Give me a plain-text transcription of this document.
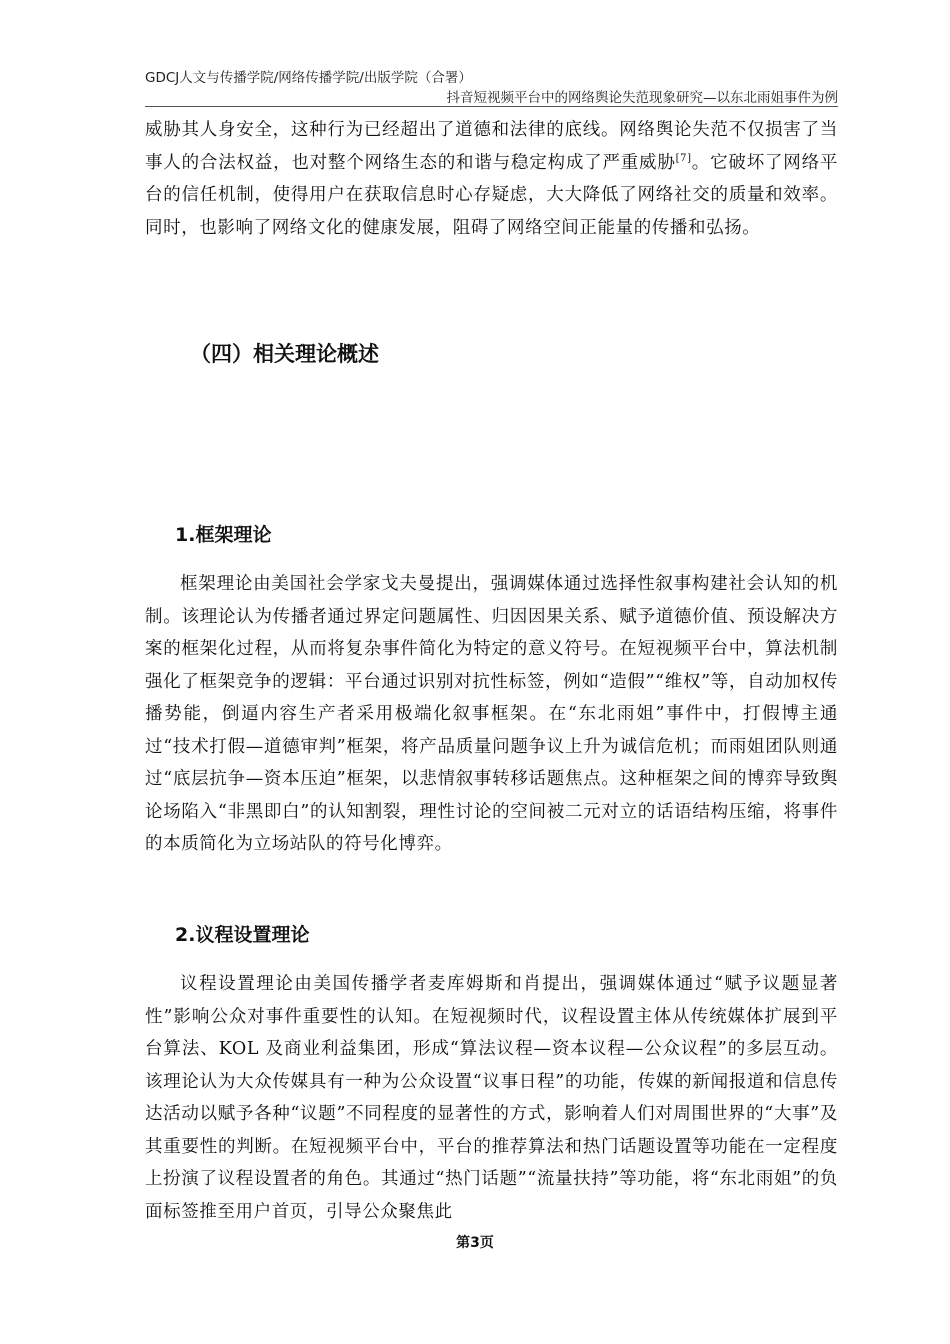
GDCJ人文与传播学院/网络传播学院/出版学院（合署）
抖音短视频平台中的网络舆论失范现象研究—以东北雨姐事件为例

威胁其人身安全，这种行为已经超出了道德和法律的底线。网络舆论失范不仅损害了当事人的合法权益，也对整个网络生态的和谐与稳定构成了严重威胁[7]。它破坏了网络平台的信任机制，使得用户在获取信息时心存疑虑，大大降低了网络社交的质量和效率。同时，也影响了网络文化的健康发展，阻碍了网络空间正能量的传播和弘扬。

（四）相关理论概述
1.框架理论

框架理论由美国社会学家戈夫曼提出，强调媒体通过选择性叙事构建社会认知的机制。该理论认为传播者通过界定问题属性、归因因果关系、赋予道德价值、预设解决方案的框架化过程，从而将复杂事件简化为特定的意义符号。在短视频平台中，算法机制强化了框架竞争的逻辑：平台通过识别对抗性标签，例如“造假”“维权”等，自动加权传播势能，倒逼内容生产者采用极端化叙事框架。在“东北雨姐”事件中，打假博主通过“技术打假—道德审判”框架，将产品质量问题争议上升为诚信危机；而雨姐团队则通过“底层抗争—资本压迫”框架，以悲情叙事转移话题焦点。这种框架之间的博弈导致舆论场陷入“非黑即白”的认知割裂，理性讨论的空间被二元对立的话语结构压缩，将事件的本质简化为立场站队的符号化博弈。

2.议程设置理论

议程设置理论由美国传播学者麦库姆斯和肖提出，强调媒体通过“赋予议题显著性”影响公众对事件重要性的认知。在短视频时代，议程设置主体从传统媒体扩展到平台算法、KOL 及商业利益集团，形成“算法议程—资本议程—公众议程”的多层互动。该理论认为大众传媒具有一种为公众设置“议事日程”的功能，传媒的新闻报道和信息传达活动以赋予各种“议题”不同程度的显著性的方式，影响着人们对周围世界的“大事”及其重要性的判断。在短视频平台中，平台的推荐算法和热门话题设置等功能在一定程度上扮演了议程设置者的角色。其通过“热门话题”“流量扶持”等功能，将“东北雨姐”的负面标签推至用户首页，引导公众聚焦此

第3页
